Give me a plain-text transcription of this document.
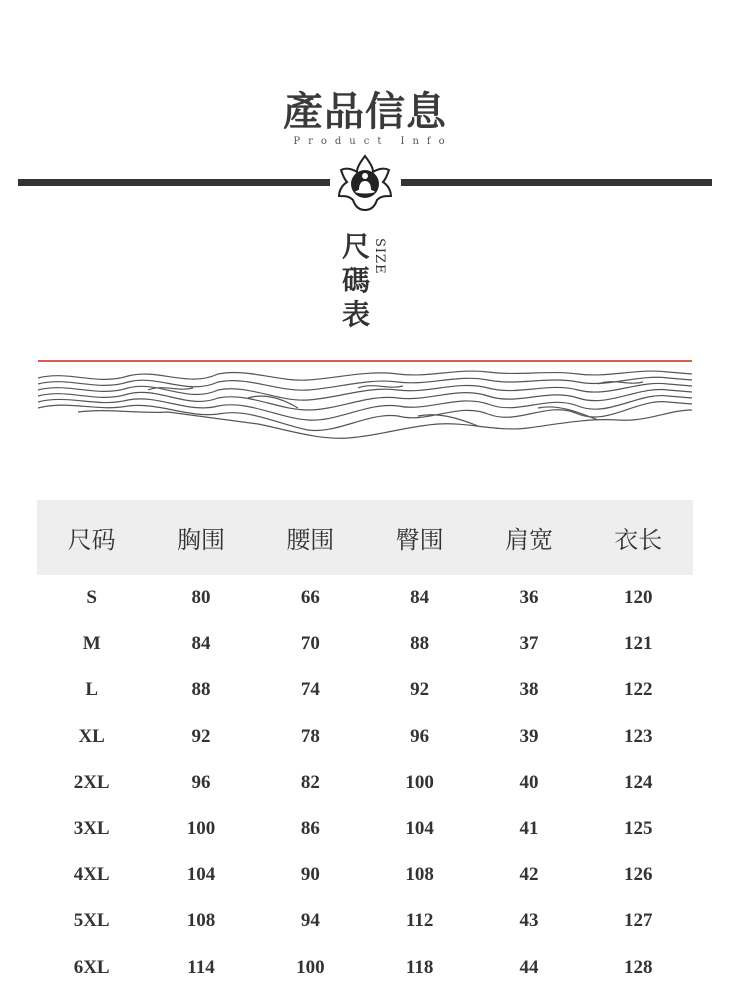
產品信息
Product Info
尺
碼
表
SIZE
尺码	胸围	腰围	臀围	肩宽	衣长
S	80	66	84	36	120
M	84	70	88	37	121
L	88	74	92	38	122
XL	92	78	96	39	123
2XL	96	82	100	40	124
3XL	100	86	104	41	125
4XL	104	90	108	42	126
5XL	108	94	112	43	127
6XL	114	100	118	44	128
